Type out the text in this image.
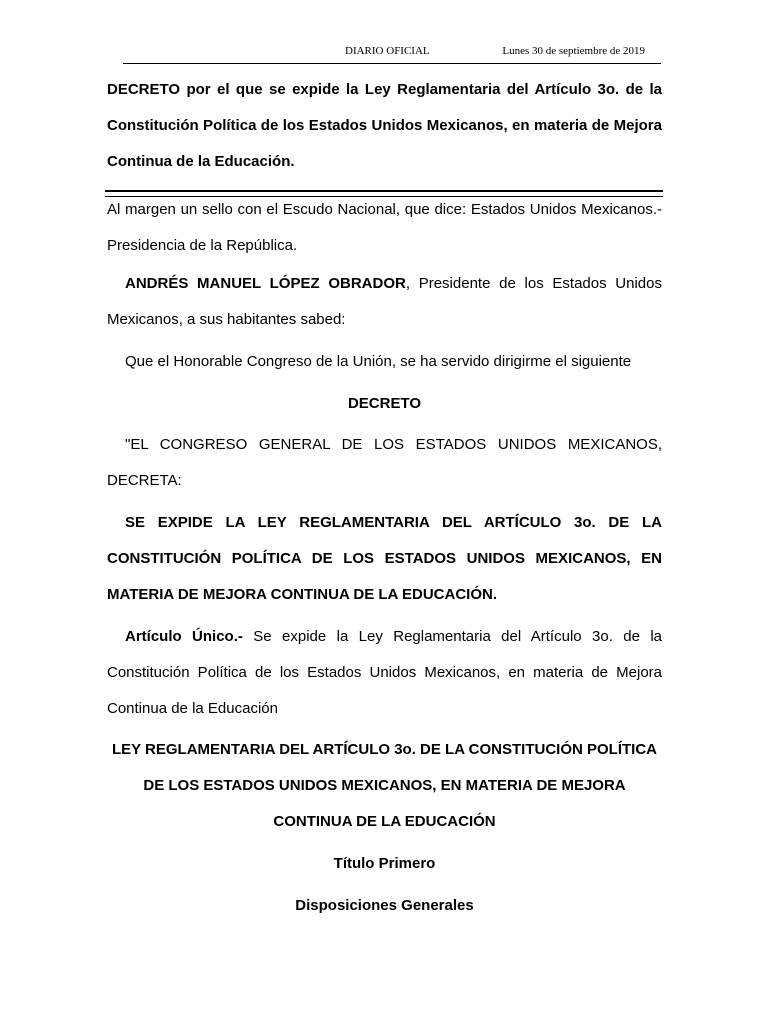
DIARIO OFICIAL	Lunes 30 de septiembre de 2019
DECRETO por el que se expide la Ley Reglamentaria del Artículo 3o. de la Constitución Política de los Estados Unidos Mexicanos, en materia de Mejora Continua de la Educación.
Al margen un sello con el Escudo Nacional, que dice: Estados Unidos Mexicanos.- Presidencia de la República.
ANDRÉS MANUEL LÓPEZ OBRADOR, Presidente de los Estados Unidos Mexicanos, a sus habitantes sabed:
Que el Honorable Congreso de la Unión, se ha servido dirigirme el siguiente
DECRETO
"EL CONGRESO GENERAL DE LOS ESTADOS UNIDOS MEXICANOS, DECRETA:
SE EXPIDE LA LEY REGLAMENTARIA DEL ARTÍCULO 3o. DE LA CONSTITUCIÓN POLÍTICA DE LOS ESTADOS UNIDOS MEXICANOS, EN MATERIA DE MEJORA CONTINUA DE LA EDUCACIÓN.
Artículo Único.- Se expide la Ley Reglamentaria del Artículo 3o. de la Constitución Política de los Estados Unidos Mexicanos, en materia de Mejora Continua de la Educación
LEY REGLAMENTARIA DEL ARTÍCULO 3o. DE LA CONSTITUCIÓN POLÍTICA
DE LOS ESTADOS UNIDOS MEXICANOS, EN MATERIA DE MEJORA
CONTINUA DE LA EDUCACIÓN
Título Primero
Disposiciones Generales
